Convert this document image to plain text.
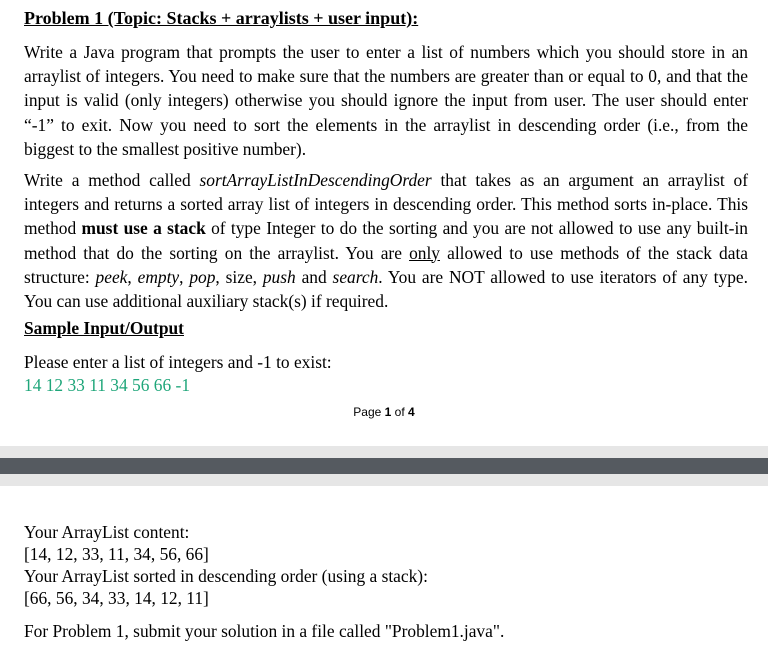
Problem 1 (Topic: Stacks + arraylists + user input):
Write a Java program that prompts the user to enter a list of numbers which you should store in an arraylist of integers. You need to make sure that the numbers are greater than or equal to 0, and that the input is valid (only integers) otherwise you should ignore the input from user. The user should enter “-1” to exit. Now you need to sort the elements in the arraylist in descending order (i.e., from the biggest to the smallest positive number).
Write a method called sortArrayListInDescendingOrder that takes as an argument an arraylist of integers and returns a sorted array list of integers in descending order. This method sorts in-place. This method must use a stack of type Integer to do the sorting and you are not allowed to use any built-in method that do the sorting on the arraylist. You are only allowed to use methods of the stack data structure: peek, empty, pop, size, push and search. You are NOT allowed to use iterators of any type. You can use additional auxiliary stack(s) if required.
Sample Input/Output
Please enter a list of integers and -1 to exist:
14 12 33 11 34 56 66 -1
Page 1 of 4
Your ArrayList content:
[14, 12, 33, 11, 34, 56, 66]
Your ArrayList sorted in descending order (using a stack):
[66, 56, 34, 33, 14, 12, 11]
For Problem 1, submit your solution in a file called "Problem1.java".
